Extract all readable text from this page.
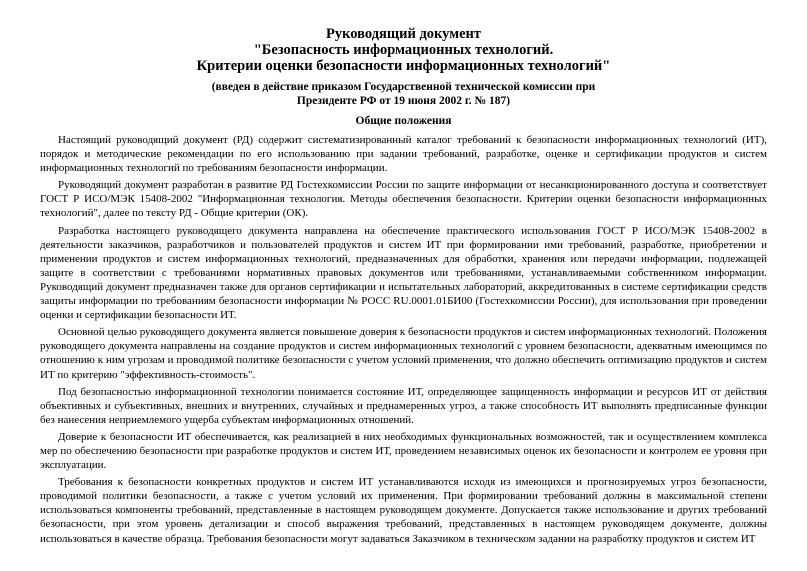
Руководящий документ

"Безопасность информационных технологий.

Критерии оценки безопасности информационных технологий"

(введен в действие приказом Государственной технической комиссии при

Президенте РФ от 19 июня 2002 г. № 187)

Общие положения

Настоящий руководящий документ (РД) содержит систематизированный каталог требований к безопасности информационных технологий (ИТ), порядок и методические рекомендации по его использованию при задании требований, разработке, оценке и сертификации продуктов и систем информационных технологий по требованиям безопасности информации.

Руководящий документ разработан в развитие РД Гостехкомиссии России по защите информации от несанкционированного доступа и соответствует ГОСТ Р ИСО/МЭК 15408-2002 "Информационная технология. Методы обеспечения безопасности. Критерии оценки безопасности информационных технологий", далее по тексту РД - Общие критерии (ОК).

Разработка настоящего руководящего документа направлена на обеспечение практического использования ГОСТ Р ИСО/МЭК 15408-2002 в деятельности заказчиков, разработчиков и пользователей продуктов и систем ИТ при формировании ими требований, разработке, приобретении и применении продуктов и систем информационных технологий, предназначенных для обработки, хранения или передачи информации, подлежащей защите в соответствии с требованиями нормативных правовых документов или требованиями, устанавливаемыми собственником информации. Руководящий документ предназначен также для органов сертификации и испытательных лабораторий, аккредитованных в системе сертификации средств защиты информации по требованиям безопасности информации № РОСС RU.0001.01БИ00 (Гостехкомиссии России), для использования при проведении оценки и сертификации безопасности ИТ.

Основной целью руководящего документа является повышение доверия к безопасности продуктов и систем информационных технологий. Положения руководящего документа направлены на создание продуктов и систем информационных технологий с уровнем безопасности, адекватным имеющимся по отношению к ним угрозам и проводимой политике безопасности с учетом условий применения, что должно обеспечить оптимизацию продуктов и систем ИТ по критерию "эффективность-стоимость".

Под безопасностью информационной технологии понимается состояние ИТ, определяющее защищенность информации и ресурсов ИТ от действия объективных и субъективных, внешних и внутренних, случайных и преднамеренных угроз, а также способность ИТ выполнять предписанные функции без нанесения неприемлемого ущерба субъектам информационных отношений.

Доверие к безопасности ИТ обеспечивается, как реализацией в них необходимых функциональных возможностей, так и осуществлением комплекса мер по обеспечению безопасности при разработке продуктов и систем ИТ, проведением независимых оценок их безопасности и контролем ее уровня при эксплуатации.

Требования к безопасности конкретных продуктов и систем ИТ устанавливаются исходя из имеющихся и прогнозируемых угроз безопасности, проводимой политики безопасности, а также с учетом условий их применения. При формировании требований должны в максимальной степени использоваться компоненты требований, представленные в настоящем руководящем документе. Допускается также использование и других требований безопасности, при этом уровень детализации и способ выражения требований, представленных в настоящем руководящем документе, должны использоваться в качестве образца. Требования безопасности могут задаваться Заказчиком в техническом задании на разработку продуктов и систем ИТ
